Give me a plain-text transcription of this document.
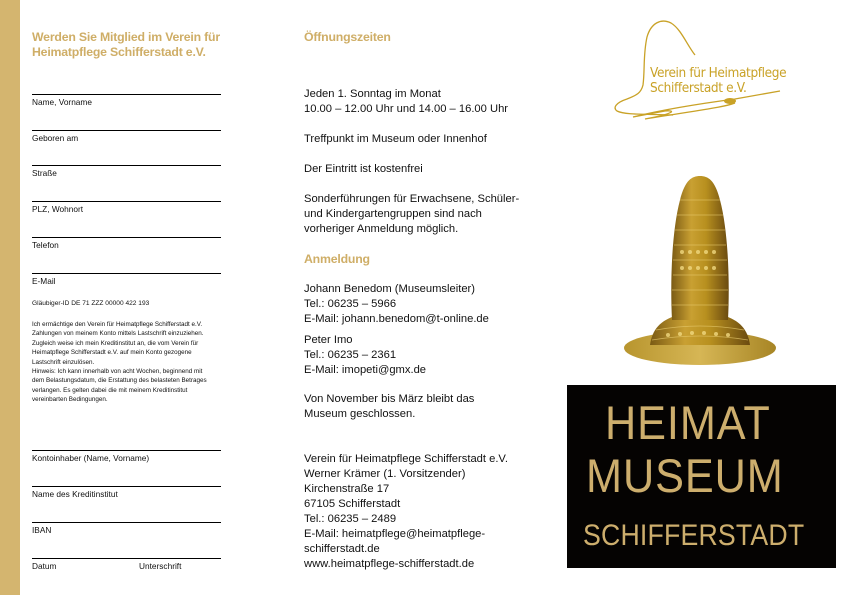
Werden Sie Mitglied im Verein für
Heimatpflege Schifferstadt e.V.
Name, Vorname
Geboren am
Straße
PLZ, Wohnort
Telefon
E-Mail
Gläubiger-ID DE 71 ZZZ 00000 422 193

Ich ermächtige den Verein für Heimatpflege Schifferstadt e.V.

Zahlungen von meinem Konto mittels Lastschrift einzuziehen.

Zugleich weise ich mein Kreditinstitut an, die vom Verein für

Heimatpflege Schifferstadt e.V. auf mein Konto gezogene

Lastschrift einzulösen.

Hinweis: Ich kann innerhalb von acht Wochen, beginnend mit

dem Belastungsdatum, die Erstattung des belasteten Betrages

verlangen. Es gelten dabei die mit meinem Kreditinstitut

vereinbarten Bedingungen.

Kontoinhaber (Name, Vorname)
Name des Kreditinstitut
IBAN
Datum	Unterschrift
Öffnungszeiten

Jeden 1. Sonntag im Monat

10.00 – 12.00 Uhr und 14.00 – 16.00 Uhr

Treffpunkt im Museum oder Innenhof

Der Eintritt ist kostenfrei

Sonderführungen für Erwachsene, Schüler-

und Kindergartengruppen sind nach

vorheriger Anmeldung möglich.

Anmeldung

Johann Benedom (Museumsleiter)

Tel.: 06235 – 5966

E-Mail: johann.benedom@t-online.de

Peter Imo

Tel.: 06235 – 2361

E-Mail: imopeti@gmx.de

Von November bis März bleibt das

Museum geschlossen.

Verein für Heimatpflege Schifferstadt e.V.

Werner Krämer (1. Vorsitzender)

Kirchenstraße 17

67105 Schifferstadt

Tel.: 06235 – 2489

E-Mail: heimatpflege@heimatpflege-

schifferstadt.de

www.heimatpflege-schifferstadt.de

Verein für Heimatpflege
Schifferstadt e.V.
HEIMAT
MUSEUM
SCHIFFERSTADT
